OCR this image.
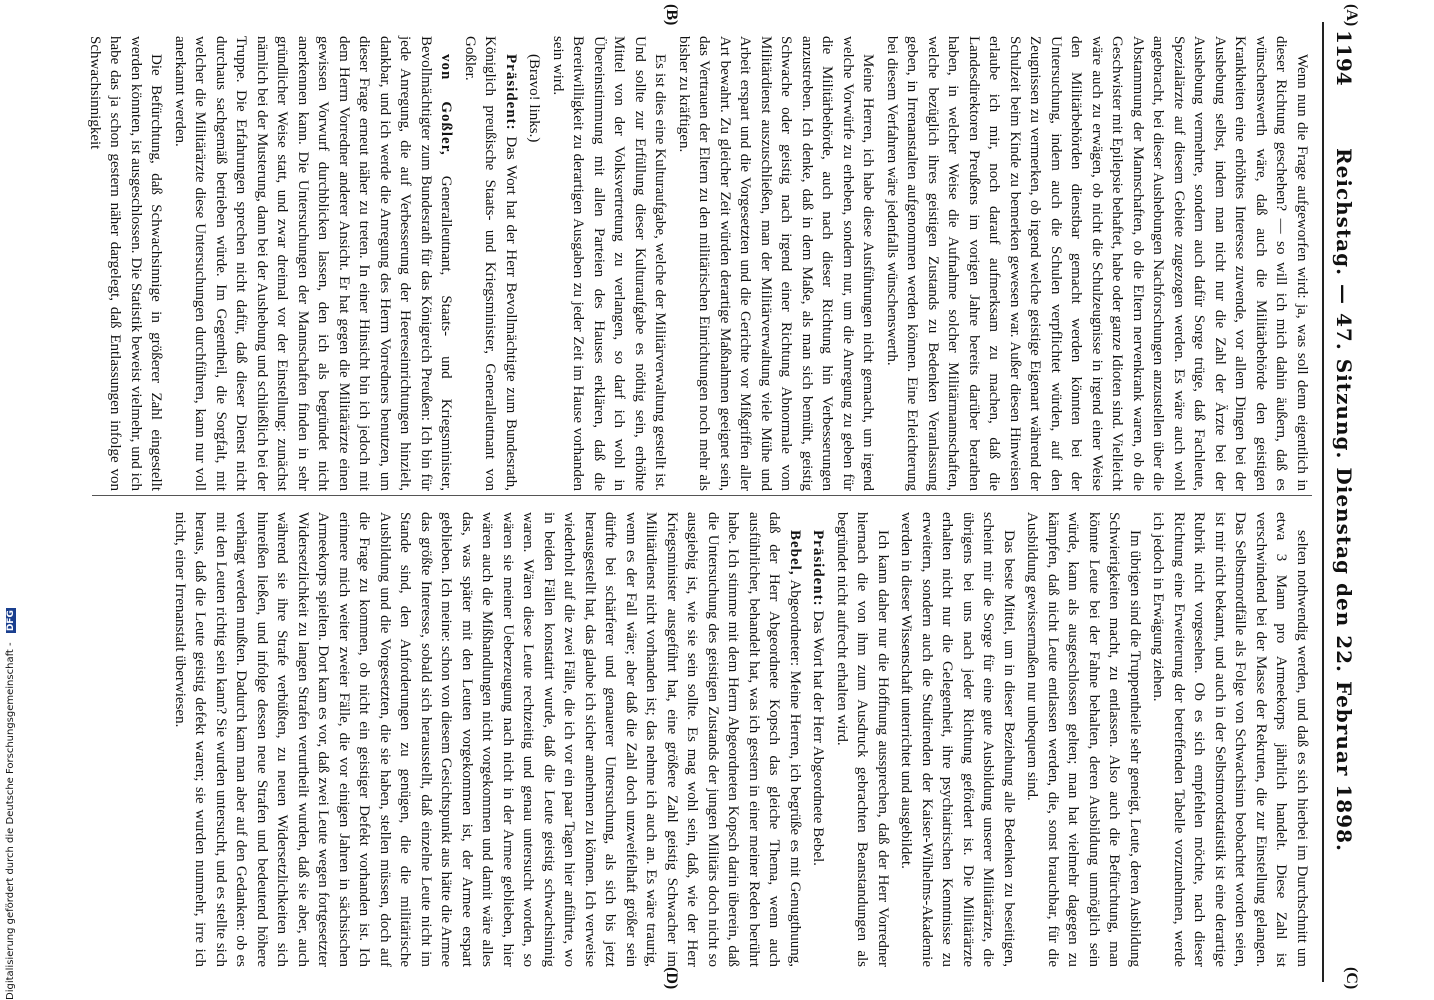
1194
Reichstag. — 47. Sitzung. Dienstag den 22. Februar 1898.
(A)
(B)
(C)
(D)

Wenn nun die Frage aufgeworfen wird: ja, was soll denn eigentlich in dieser Richtung geschehen? — so will ich mich dahin äußern, daß es wünschenswerth wäre, daß auch die Militärbehörde den geistigen Krankheiten eine erhöhtes Interesse zuwende, vor allem Dingen bei der Aushebung selbst, indem man nicht nur die Zahl der Ärzte bei der Aushebung vermehrte, sondern auch dafür Sorge trüge, daß Fachleute, Spezialärzte auf diesem Gebiete zugezogen werden. Es wäre auch wohl angebracht, bei dieser Aushebungen Nachforschungen anzustellen über die Abstammung der Mannschaften, ob die Eltern nervenkrank waren, ob die Geschwister mit Epilepsie behaftet, habe oder ganze Idioten sind. Vielleicht wäre auch zu erwägen, ob nicht die Schulzeugnisse in irgend einer Weise den Militärbehörden dienstbar gemacht werden könnten bei der Untersuchung, indem auch die Schulen verpflichtet würden, auf den Zeugnissen zu vermerken, ob irgend welche geistige Eigenart während der Schulzeit beim Kinde zu bemerken gewesen war. Außer diesen Hinweisen erlaube ich mir, noch darauf aufmerksam zu machen, daß die Landesdirektoren Preußens im vorigen Jahre bereits darüber berathen haben, in welcher Weise die Aufnahme solcher Militärmannschaften, welche bezüglich ihres geistigen Zustands zu Bedenken Veranlassung geben, in Irrenanstalten aufgenommen werden können. Eine Erleichterung bei diesem Verfahren wäre jedenfalls wünschenswerth.

Meine Herren, ich habe diese Ausführungen nicht gemacht, um irgend welche Vorwürfe zu erheben, sondern nur, um die Anregung zu geben für die Militärbehörde, auch nach dieser Richtung hin Verbesserungen anzustreben. Ich denke, daß in dem Maße, als man sich bemüht, geistig Schwache oder geistig nach irgend einer Richtung Abnormale vom Militärdienst auszuschließen, man der Militärverwaltung viele Mühe und Arbeit erspart und die Vorgesetzten und die Gerichte vor Mißgriffen aller Art bewahrt. Zu gleicher Zeit würden derartige Maßnahmen geeignet sein, das Vertrauen der Eltern zu den militärischen Einrichtungen noch mehr als bisher zu kräftigen.

Es ist dies eine Kulturaufgabe, welche der Militärverwaltung gestellt ist. Und sollte zur Erfüllung dieser Kulturaufgabe es nöthig sein, erhöhte Mittel von der Volksvertretung zu verlangen, so darf ich wohl in Übereinstimmung mit allen Parteien des Hauses erklären, daß die Bereitwilligkeit zu derartigen Ausgaben zu jeder Zeit im Hause vorhanden sein wird.

(Bravo! links.)

Präsident: Das Wort hat der Herr Bevollmächtigte zum Bundesrath, Königlich preußische Staats- und Kriegsminister, Generalleutnant von Goßler.

von Goßler, Generalleutnant, Staats- und Kriegsminister, Bevollmächtigter zum Bundesrath für das Königreich Preußen: Ich bin für jede Anregung, die auf Verbesserung der Heereseinrichtungen hinzielt, dankbar, und ich werde die Anregung des Herrn Vorredners benutzen, um dieser Frage erneut näher zu treten. In einer Hinsicht bin ich jedoch mit dem Herrn Vorredner anderer Ansicht. Er hat gegen die Militärärzte einen gewissen Vorwurf durchblicken lassen, den ich als begründet nicht anerkennen kann. Die Untersuchungen der Mannschaften finden in sehr gründlicher Weise statt, und zwar dreimal vor der Einstellung: zunächst nämlich bei der Musterung, dann bei der Aushebung und schließlich bei der Truppe. Die Erfahrungen sprechen nicht dafür, daß dieser Dienst nicht durchaus sachgemäß betrieben würde. Im Gegentheil, die Sorgfalt, mit welcher die Militärärzte diese Untersuchungen durchführen, kann nur voll anerkannt werden.

Die Befürchtung, daß Schwachsinnige in größerer Zahl eingestellt werden könnten, ist ausgeschlossen. Die Statistik beweist vielmehr, und ich habe das ja schon gestern näher dargelegt, daß Entlassungen infolge von Schwachsinnigkeit

selten nothwendig werden, und daß es sich hierbei im Durchschnitt um etwa 3 Mann pro Armeekorps jährlich handelt. Diese Zahl ist verschwindend bei der Masse der Rekruten, die zur Einstellung gelangen. Das Selbstmordfälle als Folge von Schwachsinn beobachtet worden seien, ist mir nicht bekannt, und auch in der Selbstmordstatistik ist eine derartige Rubrik nicht vorgesehen. Ob es sich empfehlen möchte, nach dieser Richtung eine Erweiterung der betreffenden Tabelle vorzunehmen, werde ich jedoch in Erwägung ziehen.

Im übrigen sind die Truppentheile sehr geneigt, Leute, deren Ausbildung Schwierigkeiten macht, zu entlassen. Also auch die Befürchtung, man könnte Leute bei der Fahne behalten, deren Ausbildung unmöglich sein würde, kann als ausgeschlossen gelten; man hat vielmehr dagegen zu kämpfen, daß nicht Leute entlassen werden, die, sonst brauchbar, für die Ausbildung gewissermaßen nur unbequem sind.

Das beste Mittel, um in dieser Beziehung alle Bedenken zu beseitigen, scheint mir die Sorge für eine gute Ausbildung unserer Militärärzte, die übrigens bei uns nach jeder Richtung gefördert ist. Die Militärärzte erhalten nicht nur die Gelegenheit, ihre psychiatrischen Kenntnisse zu erweitern, sondern auch die Studirenden der Kaiser-Wilhelms-Akademie werden in dieser Wissenschaft unterrichtet und ausgebildet.

Ich kann daher nur die Hoffnung aussprechen, daß der Herr Vorredner hiernach die von ihm zum Ausdruck gebrachten Beanstandungen als begründet nicht aufrecht erhalten wird.

Präsident: Das Wort hat der Herr Abgeordnete Bebel.

Bebel, Abgeordneter: Meine Herren, ich begrüße es mit Genugthuung, daß der Herr Abgeordnete Kopsch das gleiche Thema, wenn auch ausführlicher, behandelt hat, was ich gestern in einer meiner Reden berührt habe. Ich stimme mit dem Herrn Abgeordneten Kopsch darin überein, daß die Untersuchung des geistigen Zustands der jungen Militärs doch nicht so ausgiebig ist, wie sie sein sollte. Es mag wohl sein, daß, wie der Herr Kriegsminister ausgeführt hat, eine größere Zahl geistig Schwacher im Militärdienst nicht vorhanden ist; das nehme ich auch an. Es wäre traurig, wenn es der Fall wäre; aber daß die Zahl doch unzweifelhaft größer sein dürfte bei schärferer und genauerer Untersuchung, als sich bis jetzt herausgestellt hat, das glaube ich sicher annehmen zu können. Ich verweise wiederholt auf die zwei Fälle, die ich vor ein paar Tagen hier anführte, wo in beiden Fällen konstatirt wurde, daß die Leute geistig schwachsinnig waren. Wären diese Leute rechtzeitig und genau untersucht worden, so wären sie meiner Ueberzeugung nach nicht in der Armee geblieben, hier wären auch die Mißhandlungen nicht vorgekommen und damit wäre alles das, was später mit den Leuten vorgekommen ist, der Armee erspart geblieben. Ich meine: schon von diesem Gesichtspunkt aus hätte die Armee das größte Interesse, sobald sich herausstellt, daß einzelne Leute nicht im Stande sind, den Anforderungen zu genügen, die die militärische Ausbildung und die Vorgesetzten, die sie haben, stellen müssen, doch auf die Frage zu kommen, ob nicht ein geistiger Defekt vorhanden ist. Ich erinnere mich weiter zweier Fälle, die vor einigen Jahren in sächsischen Armeekorps spielten. Dort kam es vor, daß zwei Leute wegen fortgesetzter Widersetzlichkeit zu langen Strafen verurtheilt wurden, daß sie aber, auch während sie ihre Strafe verbüßten, zu neuen Widersetzlichkeiten sich hinreißen ließen, und infolge dessen neue Strafen und bedeutend höhere verhängt werden mußten. Dadurch kam man aber auf den Gedanken: ob es mit den Leuten richtig sein kann? Sie wurden untersucht, und es stellte sich heraus, daß die Leute geistig defekt waren; sie wurden nunmehr, irre ich nicht, einer Irrenanstalt überwiesen.

Digitalisierung gefördert durch die Deutsche Forschungsgemeinschaft - DFG
